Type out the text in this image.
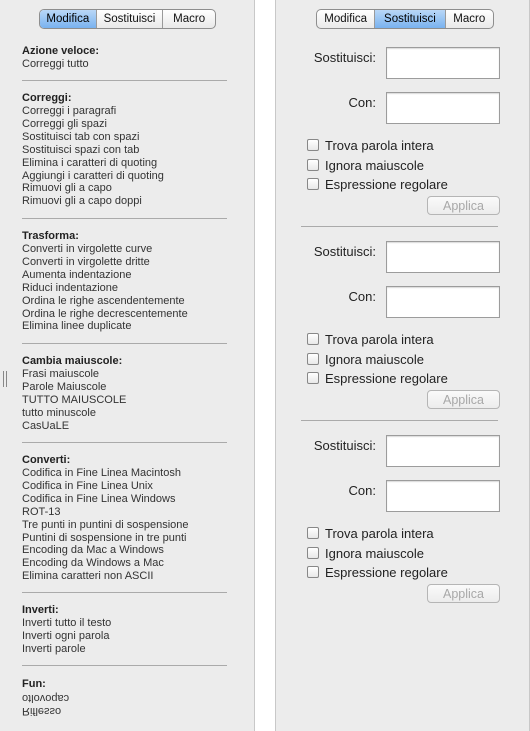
Modifica	Sostituisci	Macro
Azione veloce:
Correggi tutto
Correggi:
Correggi i paragrafi
Correggi gli spazi
Sostituisci tab con spazi
Sostituisci spazi con tab
Elimina i caratteri di quoting
Aggiungi i caratteri di quoting
Rimuovi gli a capo
Rimuovi gli a capo doppi
Trasforma:
Converti in virgolette curve
Converti in virgolette dritte
Aumenta indentazione
Riduci indentazione
Ordina le righe ascendentemente
Ordina le righe decrescentemente
Elimina linee duplicate
Cambia maiuscole:
Frasi maiuscole
Parole Maiuscole
TUTTO MAIUSCOLE
tutto minuscole
CasUaLE
Converti:
Codifica in Fine Linea Macintosh
Codifica in Fine Linea Unix
Codifica in Fine Linea Windows
ROT-13
Tre punti in puntini di sospensione
Puntini di sospensione in tre punti
Encoding da Mac a Windows
Encoding da Windows a Mac
Elimina caratteri non ASCII
Inverti:
Inverti tutto il testo
Inverti ogni parola
Inverti parole
Fun:
capovolto
Riflesso
Modifica	Sostituisci	Macro
Sostituisci:
Con:
Trova parola intera
Ignora maiuscole
Espressione regolare
Applica
Sostituisci:
Con:
Trova parola intera
Ignora maiuscole
Espressione regolare
Applica
Sostituisci:
Con:
Trova parola intera
Ignora maiuscole
Espressione regolare
Applica
